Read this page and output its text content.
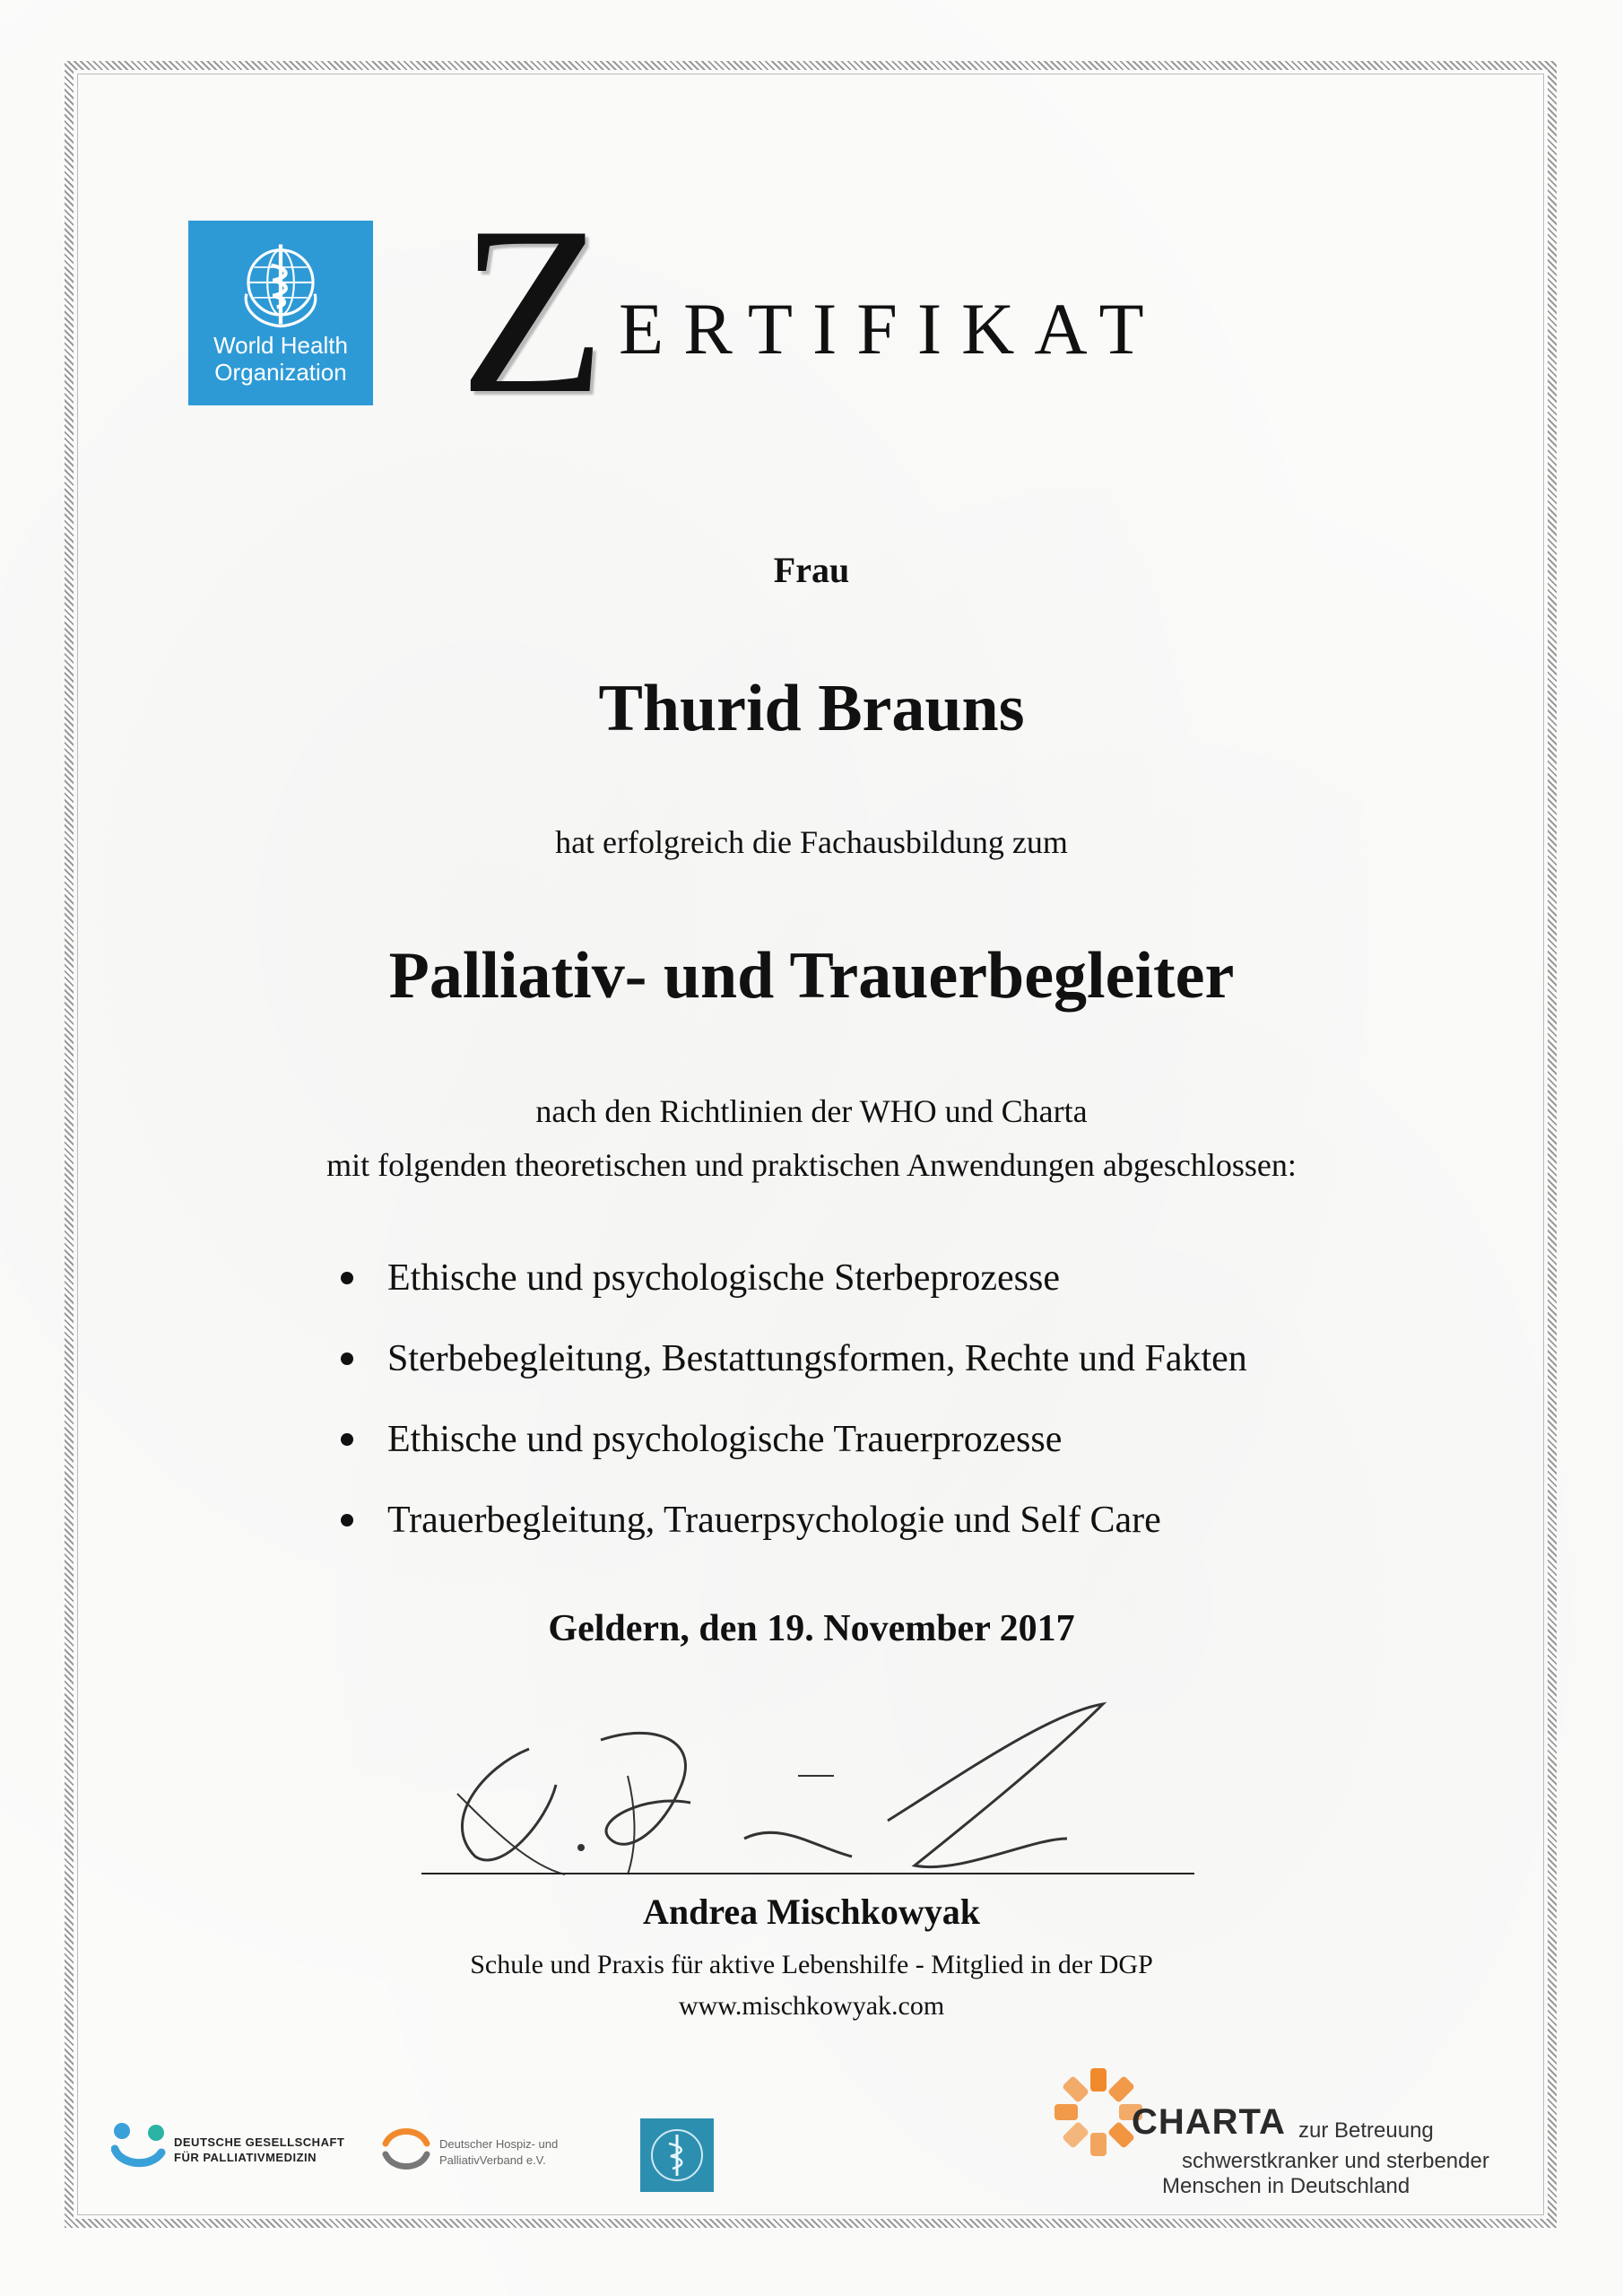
World Health
Organization Z ERTIFIKAT
Frau
Thurid Brauns
hat erfolgreich die Fachausbildung zum
Palliativ- und Trauerbegleiter
nach den Richtlinien der WHO und Charta
mit folgenden theoretischen und praktischen Anwendungen abgeschlossen:
Ethische und psychologische Sterbeprozesse
Sterbebegleitung, Bestattungsformen, Rechte und Fakten
Ethische und psychologische Trauerprozesse
Trauerbegleitung, Trauerpsychologie und Self Care
Geldern, den 19. November 2017
Andrea Mischkowyak
Schule und Praxis für aktive Lebenshilfe - Mitglied in der DGP
www.mischkowyak.com
DEUTSCHE GESELLSCHAFT
FÜR PALLIATIVMEDIZIN
Deutscher Hospiz- und
PalliativVerband e.V.
CHARTA zur Betreuung
schwerstkranker und sterbender
Menschen in Deutschland
